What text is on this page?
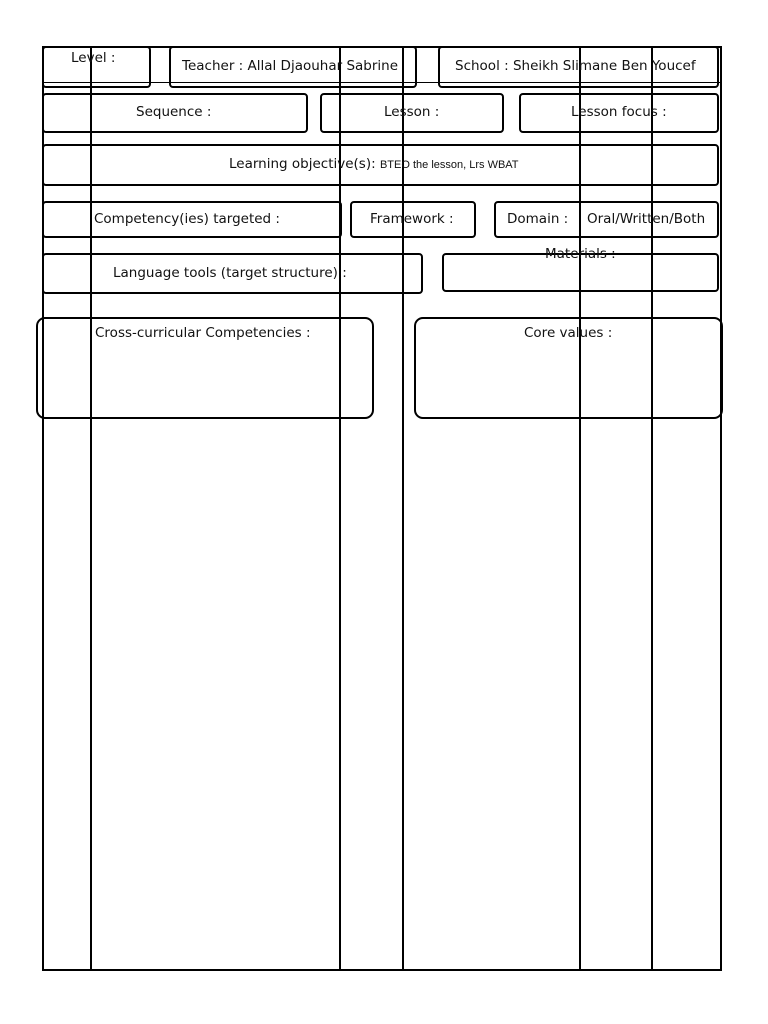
Level :	Teacher : Allal Djaouhar Sabrine	School : Sheikh Slimane Ben Youcef
Sequence :	Lesson :	Lesson focus :
Learning objective(s): BTEO the lesson, Lrs WBAT
Competency(ies) targeted :	Framework :	Domain : Oral/Written/Both
Language tools (target structure) :
Materials :
Cross-curricular Competencies :	Core values :
